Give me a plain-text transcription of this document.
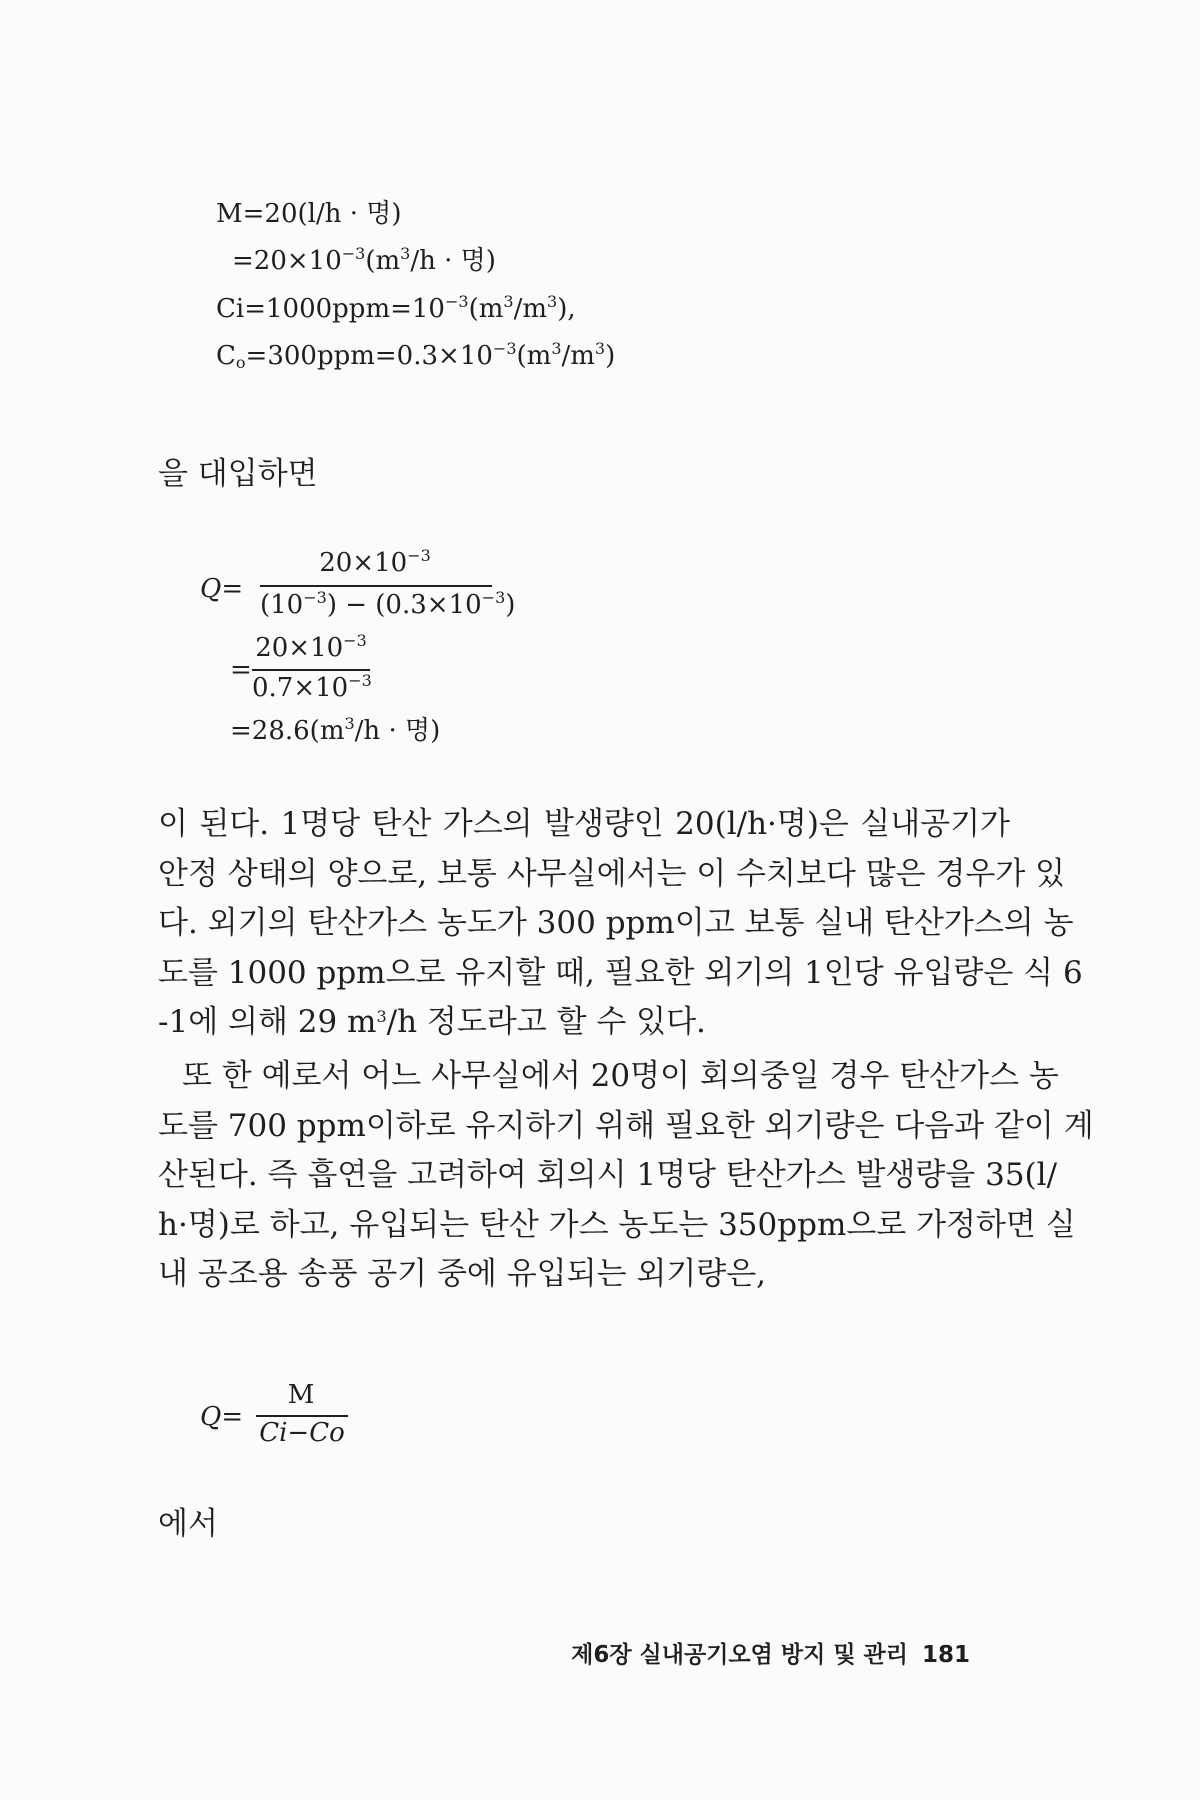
M=20(l/h · 명)
$=20\times 10^{-3}(m^3/h$ · 명)
$Ci=1000ppm=10^{-3}(m^3/m^3)$,
$C_o=300ppm=0.3\times 10^{-3}(m^3/m^3)$
을 대입하면
Q=
$20\times 10^{-3}$
$(10^{-3}) - (0.3\times 10^{-3})$
=
$20\times 10^{-3}$
$0.7\times 10^{-3}$
$=28.6(m^3/h$ · 명)
이 된다. 1명당 탄산 가스의 발생량인 20(l/h·명)은 실내공기가
안정 상태의 양으로, 보통 사무실에서는 이 수치보다 많은 경우가 있
다. 외기의 탄산가스 농도가 300 ppm이고 보통 실내 탄산가스의 농
도를 1000 ppm으로 유지할 때, 필요한 외기의 1인당 유입량은 식 6
-1에 의해 29 $m^3/h$ 정도라고 할 수 있다.
또 한 예로서 어느 사무실에서 20명이 회의중일 경우 탄산가스 농
도를 700 ppm이하로 유지하기 위해 필요한 외기량은 다음과 같이 계
산된다. 즉 흡연을 고려하여 회의시 1명당 탄산가스 발생량을 35(l/
h·명)로 하고, 유입되는 탄산 가스 농도는 350ppm으로 가정하면 실
내 공조용 송풍 공기 중에 유입되는 외기량은,
Q=
M
Ci−Co
에서
제6장 실내공기오염 방지 및 관리 181
